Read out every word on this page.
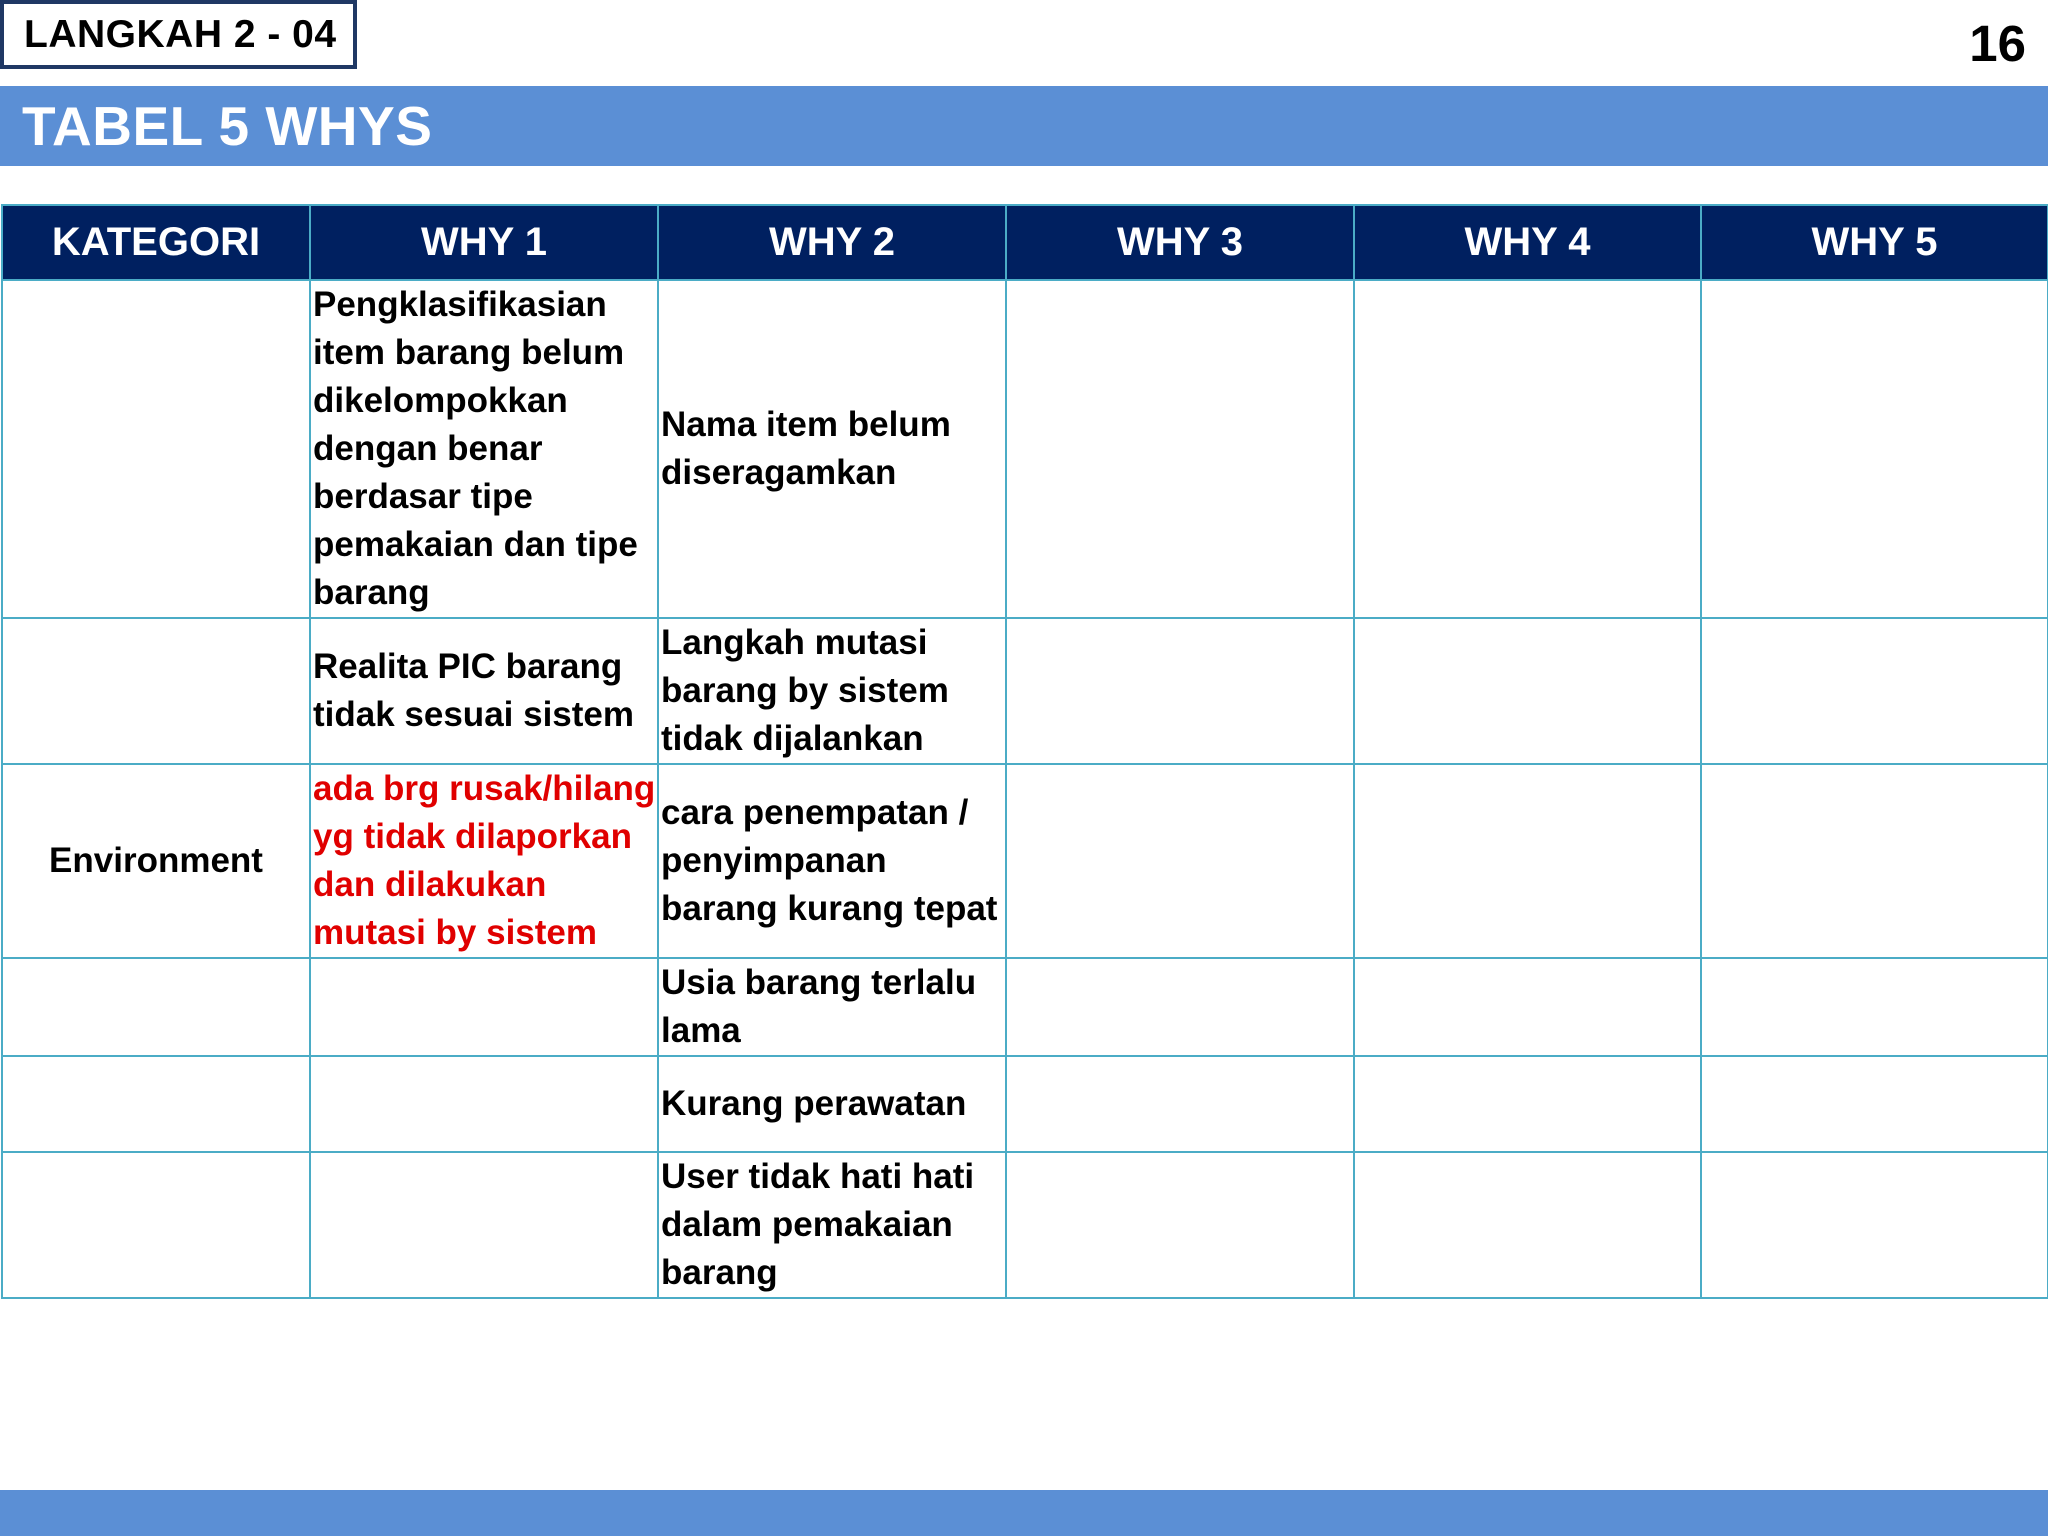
LANGKAH 2 - 04	16
TABEL 5 WHYS
KATEGORI	WHY 1	WHY 2	WHY 3	WHY 4	WHY 5
	Pengklasifikasian item barang belum dikelompokkan dengan benar berdasar tipe pemakaian dan tipe barang	Nama item belum diseragamkan			
	Realita PIC barang tidak sesuai sistem	Langkah mutasi barang by sistem tidak dijalankan			
Environment	ada brg rusak/hilang yg tidak dilaporkan dan dilakukan mutasi by sistem	cara penempatan / penyimpanan barang kurang tepat			
		Usia barang terlalu lama			
		Kurang perawatan			
		User tidak hati hati dalam pemakaian barang			
